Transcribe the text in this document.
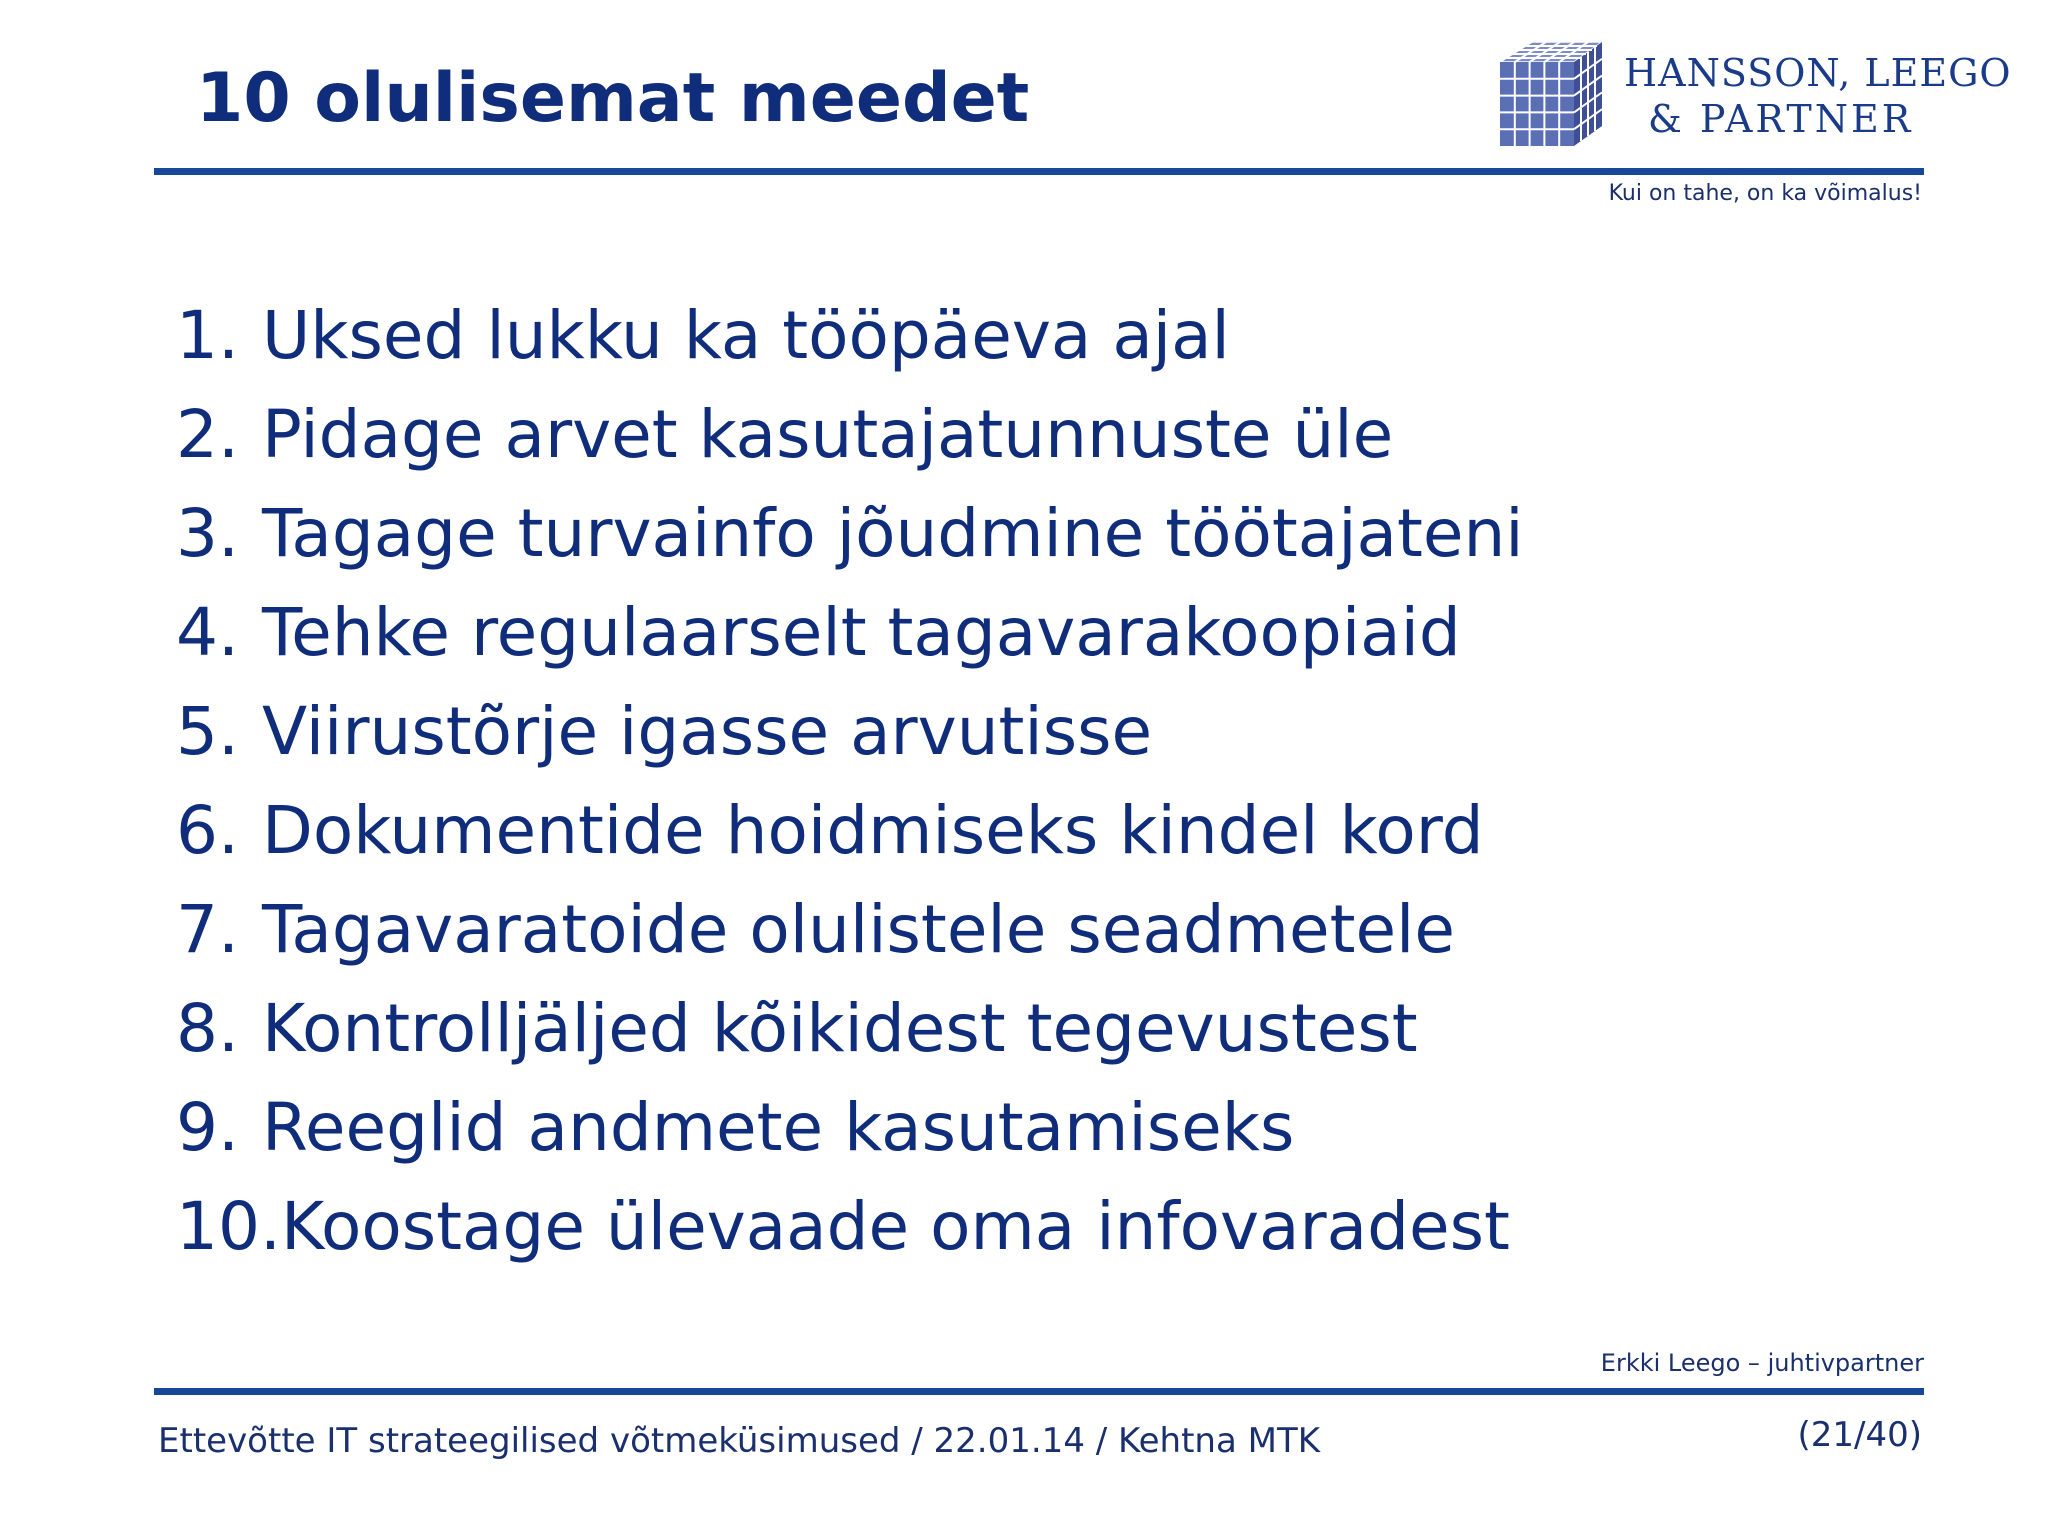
10 olulisemat meedet	HANSSON, LEEGO
& PARTNER
Kui on tahe, on ka võimalus!
1. Uksed lukku ka tööpäeva ajal
2. Pidage arvet kasutajatunnuste üle
3. Tagage turvainfo jõudmine töötajateni
4. Tehke regulaarselt tagavarakoopiaid
5. Viirustõrje igasse arvutisse
6. Dokumentide hoidmiseks kindel kord
7. Tagavaratoide olulistele seadmetele
8. Kontrolljäljed kõikidest tegevustest
9. Reeglid andmete kasutamiseks
10. Koostage ülevaade oma infovaradest
Erkki Leego – juhtivpartner
Ettevõtte IT strateegilised võtmeküsimused / 22.01.14 / Kehtna MTK	(21/40)
